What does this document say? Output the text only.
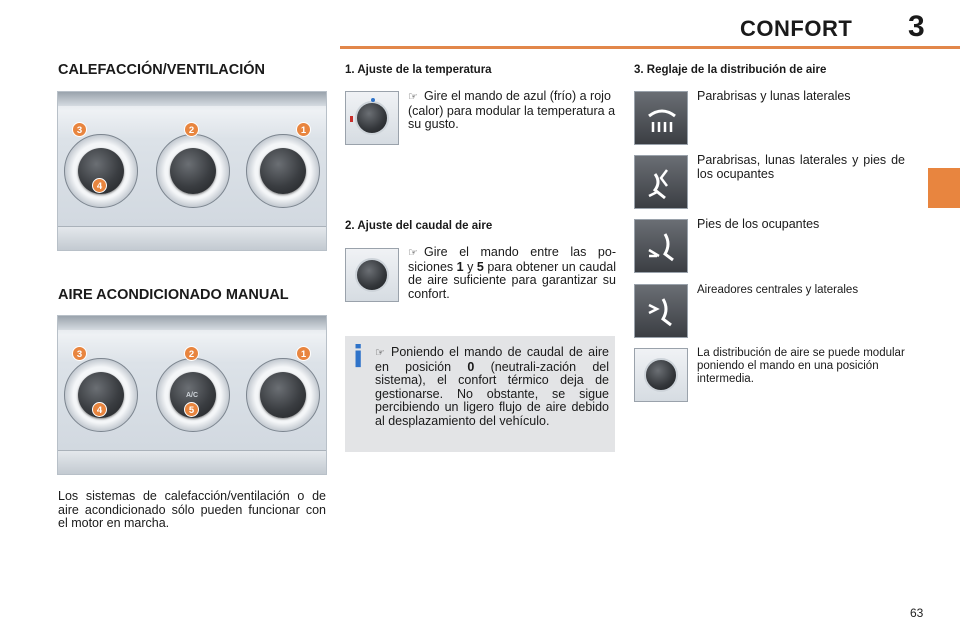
CONFORT 3
CALEFACCIÓN/VENTILACIÓN
3	2	1
4
AIRE ACONDICIONADO MANUAL
A/C
3	2	1
4	5
Los sistemas de calefacción/ventilación o de aire acondicionado sólo pueden funcionar con el motor en marcha.
1. Ajuste de la temperatura
☞ Gire el mando de azul (frío) a rojo (calor) para modular la temperatura a su gusto.
2. Ajuste del caudal de aire
☞ Gire el mando entre las po-siciones 1 y 5 para obtener un caudal de aire suficiente para garantizar su confort.
i ☞ Poniendo el mando de caudal de aire en posición 0 (neutrali-zación del sistema), el confort térmico deja de gestionarse. No obstante, se sigue percibiendo un ligero flujo de aire debido al desplazamiento del vehículo.
3. Reglaje de la distribución de aire
Parabrisas y lunas laterales
Parabrisas, lunas laterales y pies de los ocupantes
Pies de los ocupantes
Aireadores centrales y laterales
La distribución de aire se puede modular poniendo el mando en una posición intermedia.
63
